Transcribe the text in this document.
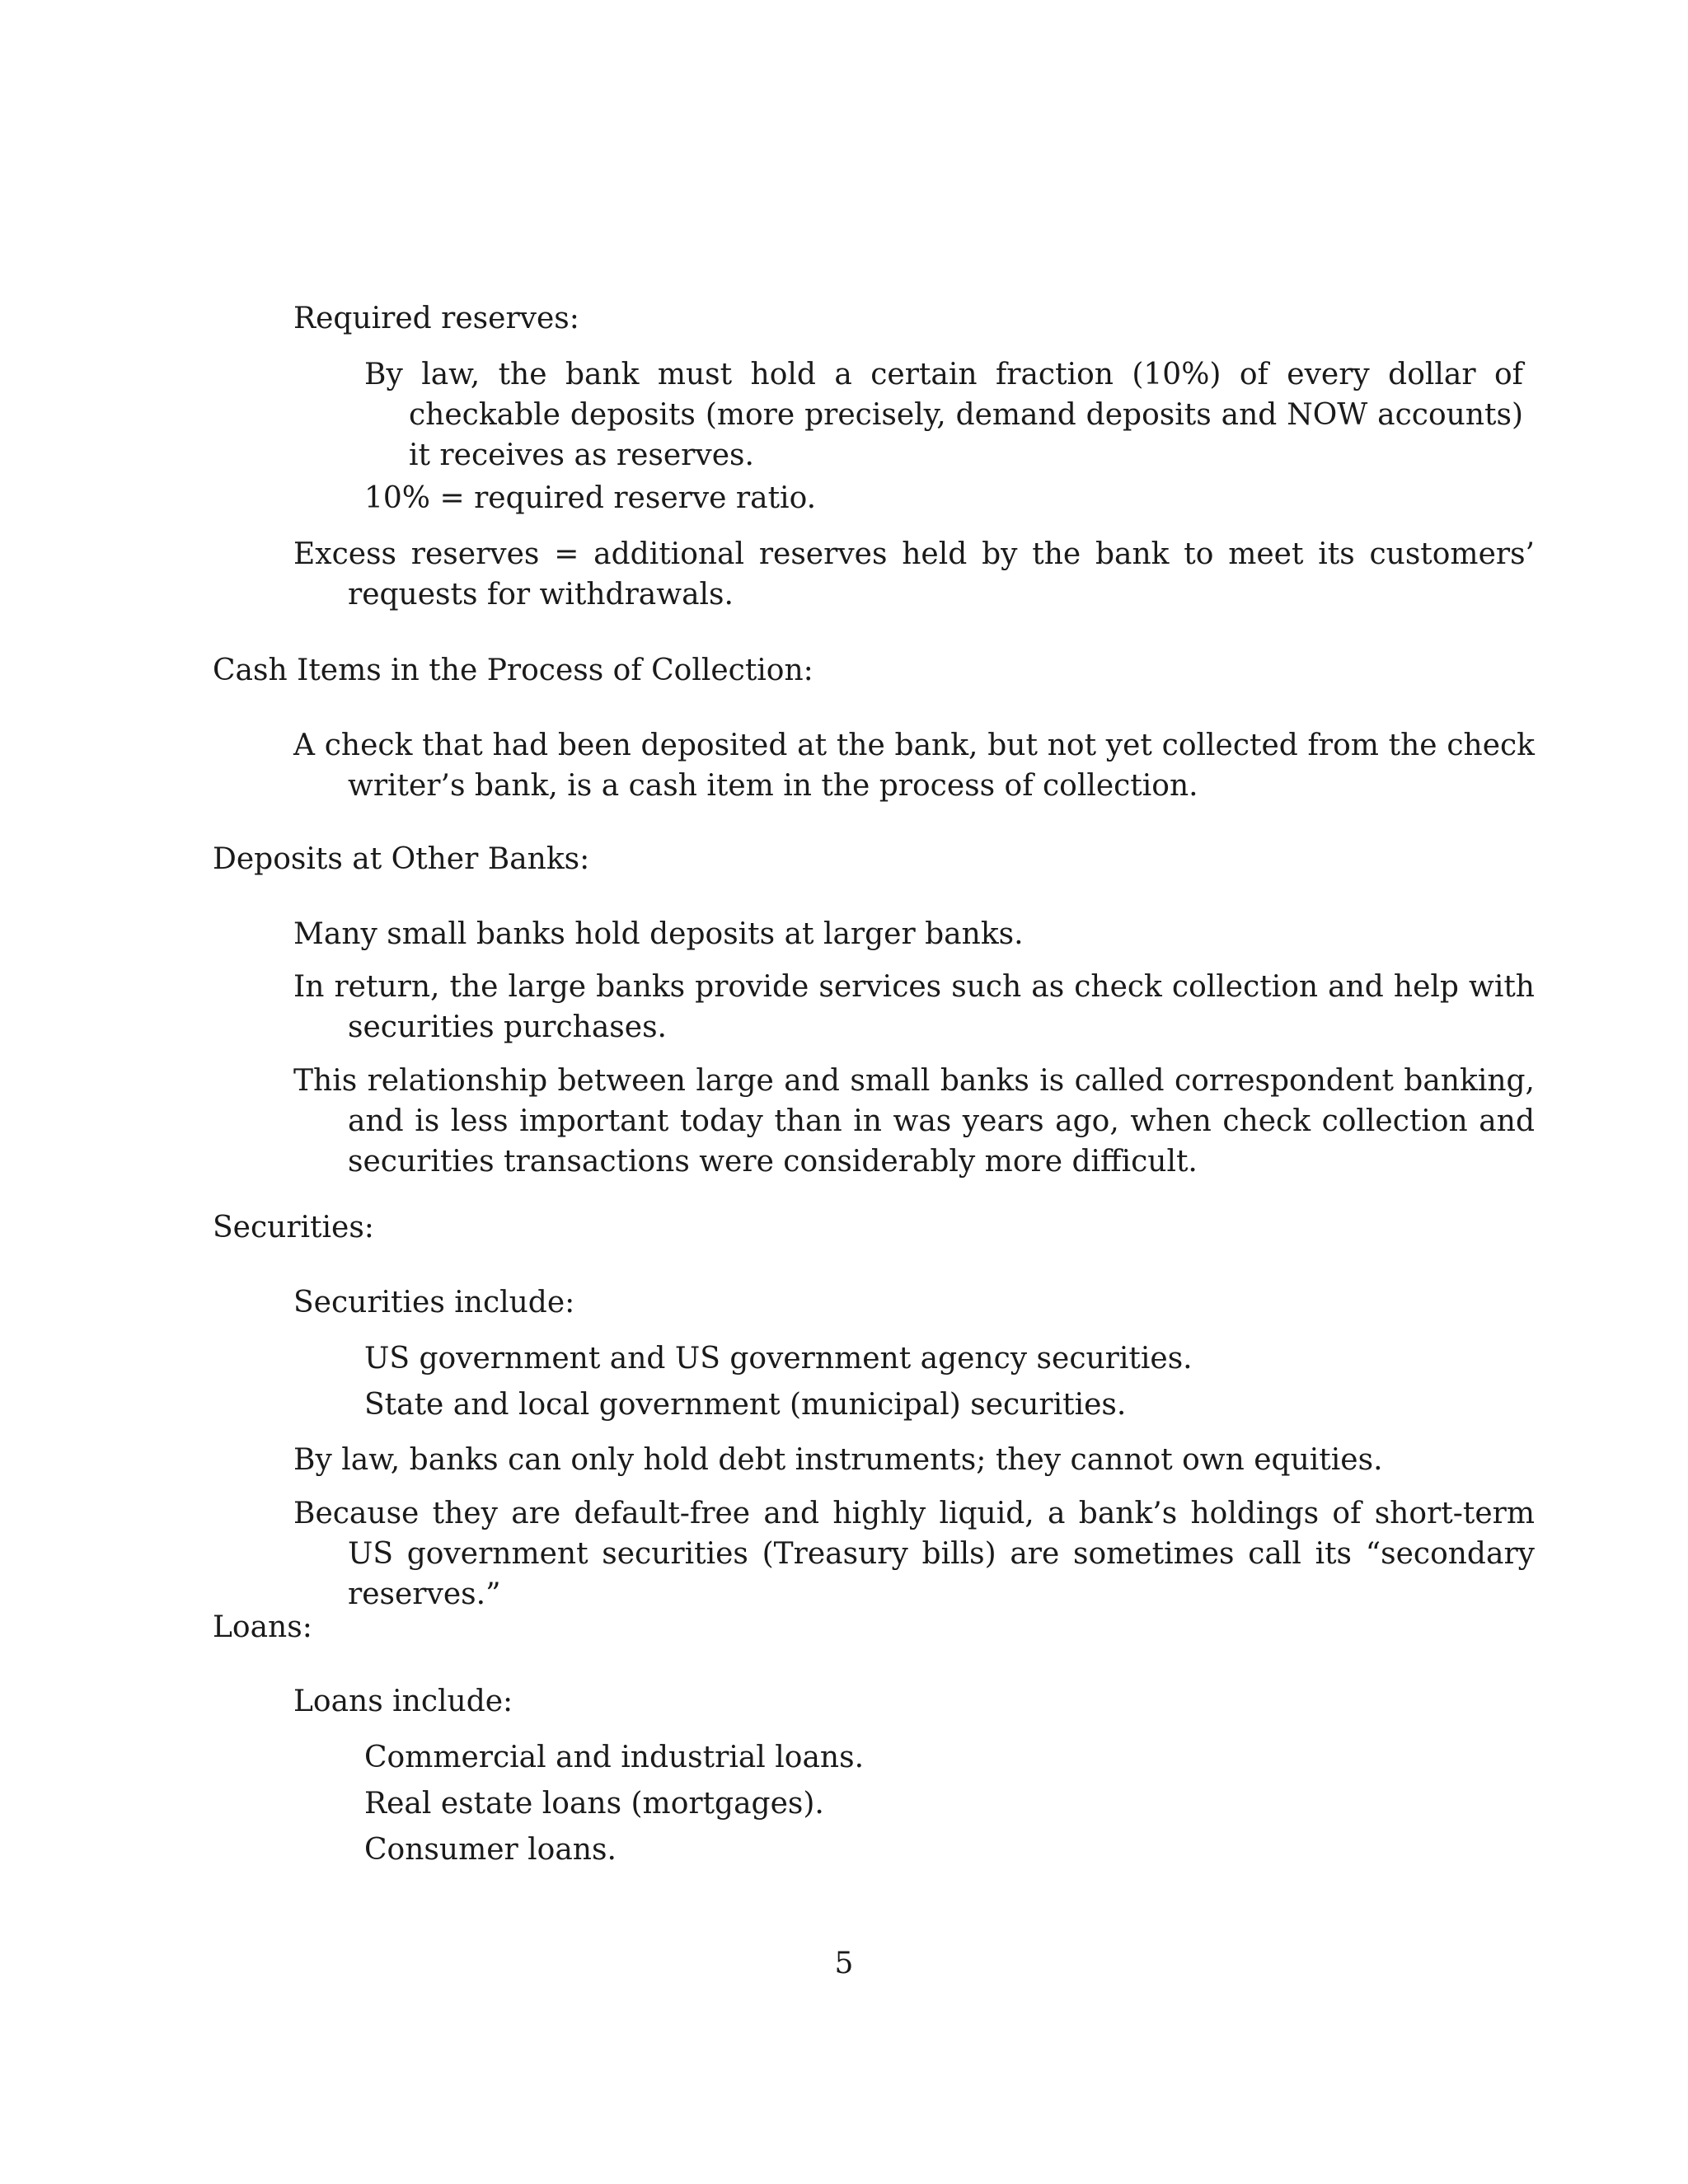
Required reserves:

By law, the bank must hold a certain fraction (10%) of every dollar of checkable deposits (more precisely, demand deposits and NOW accounts) it receives as reserves.

10% = required reserve ratio.

Excess reserves = additional reserves held by the bank to meet its customers’ requests for withdrawals.

Cash Items in the Process of Collection:

A check that had been deposited at the bank, but not yet collected from the check writer’s bank, is a cash item in the process of collection.

Deposits at Other Banks:

Many small banks hold deposits at larger banks.

In return, the large banks provide services such as check collection and help with securities purchases.

This relationship between large and small banks is called correspondent banking, and is less important today than in was years ago, when check collection and securities transactions were considerably more difficult.

Securities:

Securities include:

US government and US government agency securities.

State and local government (municipal) securities.

By law, banks can only hold debt instruments; they cannot own equities.

Because they are default-free and highly liquid, a bank’s holdings of short-term US government securities (Treasury bills) are sometimes call its “secondary reserves.”

Loans:

Loans include:

Commercial and industrial loans.

Real estate loans (mortgages).

Consumer loans.

5
